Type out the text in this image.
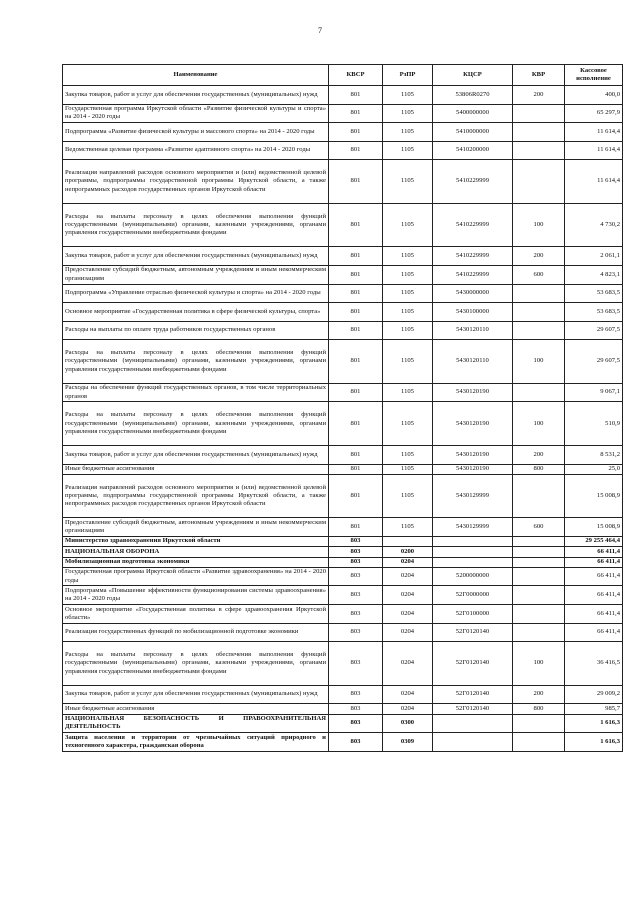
7
Наименование	КВСР	РзПР	КЦСР	КВР	Кассовое исполнение
Закупка товаров, работ и услуг для обеспечения государственных (муниципальных) нужд	801	1105	53806R0270	200	400,0
Государственная программа Иркутской области «Развитие физической культуры и спорта» на 2014 - 2020 годы	801	1105	5400000000		65 297,9
Подпрограмма «Развитие физической культуры и массового спорта» на 2014 - 2020 годы	801	1105	5410000000		11 614,4
Ведомственная целевая программа «Развитие адаптивного спорта» на 2014 - 2020 годы	801	1105	5410200000		11 614,4
Реализация направлений расходов основного мероприятия и (или) ведомственной целевой программы, подпрограммы государственной программы Иркутской области, а также непрограммных расходов государственных органов Иркутской области	801	1105	5410229999		11 614,4
Расходы на выплаты персоналу в целях обеспечения выполнения функций государственными (муниципальными) органами, казенными учреждениями, органами управления государственными внебюджетными фондами	801	1105	5410229999	100	4 730,2
Закупка товаров, работ и услуг для обеспечения государственных (муниципальных) нужд	801	1105	5410229999	200	2 061,1
Предоставление субсидий бюджетным, автономным учреждениям и иным некоммерческим организациям	801	1105	5410229999	600	4 823,1
Подпрограмма «Управление отраслью физической культуры и спорта» на 2014 - 2020 годы	801	1105	5430000000		53 683,5
Основное мероприятие «Государственная политика в сфере физической культуры, спорта»	801	1105	5430100000		53 683,5
Расходы на выплаты по оплате труда работников государственных органов	801	1105	5430120110		29 607,5
Расходы на выплаты персоналу в целях обеспечения выполнения функций государственными (муниципальными) органами, казенными учреждениями, органами управления государственными внебюджетными фондами	801	1105	5430120110	100	29 607,5
Расходы на обеспечение функций государственных органов, в том числе территориальных органов	801	1105	5430120190		9 067,1
Расходы на выплаты персоналу в целях обеспечения выполнения функций государственными (муниципальными) органами, казенными учреждениями, органами управления государственными внебюджетными фондами	801	1105	5430120190	100	510,9
Закупка товаров, работ и услуг для обеспечения государственных (муниципальных) нужд	801	1105	5430120190	200	8 531,2
Иные бюджетные ассигнования	801	1105	5430120190	800	25,0
Реализация направлений расходов основного мероприятия и (или) ведомственной целевой программы, подпрограммы государственной программы Иркутской области, а также непрограммных расходов государственных органов Иркутской области	801	1105	5430129999		15 008,9
Предоставление субсидий бюджетным, автономным учреждениям и иным некоммерческим организациям	801	1105	5430129999	600	15 008,9
Министерство здравоохранения Иркутской области	803				29 255 464,4
НАЦИОНАЛЬНАЯ ОБОРОНА	803	0200			66 411,4
Мобилизационная подготовка экономики	803	0204			66 411,4
Государственная программа Иркутской области «Развитие здравоохранения» на 2014 - 2020 годы	803	0204	5200000000		66 411,4
Подпрограмма «Повышение эффективности функционирования системы здравоохранения» на 2014 - 2020 годы	803	0204	52Г0000000		66 411,4
Основное мероприятие «Государственная политика в сфере здравоохранения Иркутской области»	803	0204	52Г0100000		66 411,4
Реализация государственных функций по мобилизационной подготовке экономики	803	0204	52Г0120140		66 411,4
Расходы на выплаты персоналу в целях обеспечения выполнения функций государственными (муниципальными) органами, казенными учреждениями, органами управления государственными внебюджетными фондами	803	0204	52Г0120140	100	36 416,5
Закупка товаров, работ и услуг для обеспечения государственных (муниципальных) нужд	803	0204	52Г0120140	200	29 009,2
Иные бюджетные ассигнования	803	0204	52Г0120140	800	985,7
НАЦИОНАЛЬНАЯ БЕЗОПАСНОСТЬ И ПРАВООХРАНИТЕЛЬНАЯ ДЕЯТЕЛЬНОСТЬ	803	0300			1 616,3
Защита населения и территории от чрезвычайных ситуаций природного и техногенного характера, гражданская оборона	803	0309			1 616,3
